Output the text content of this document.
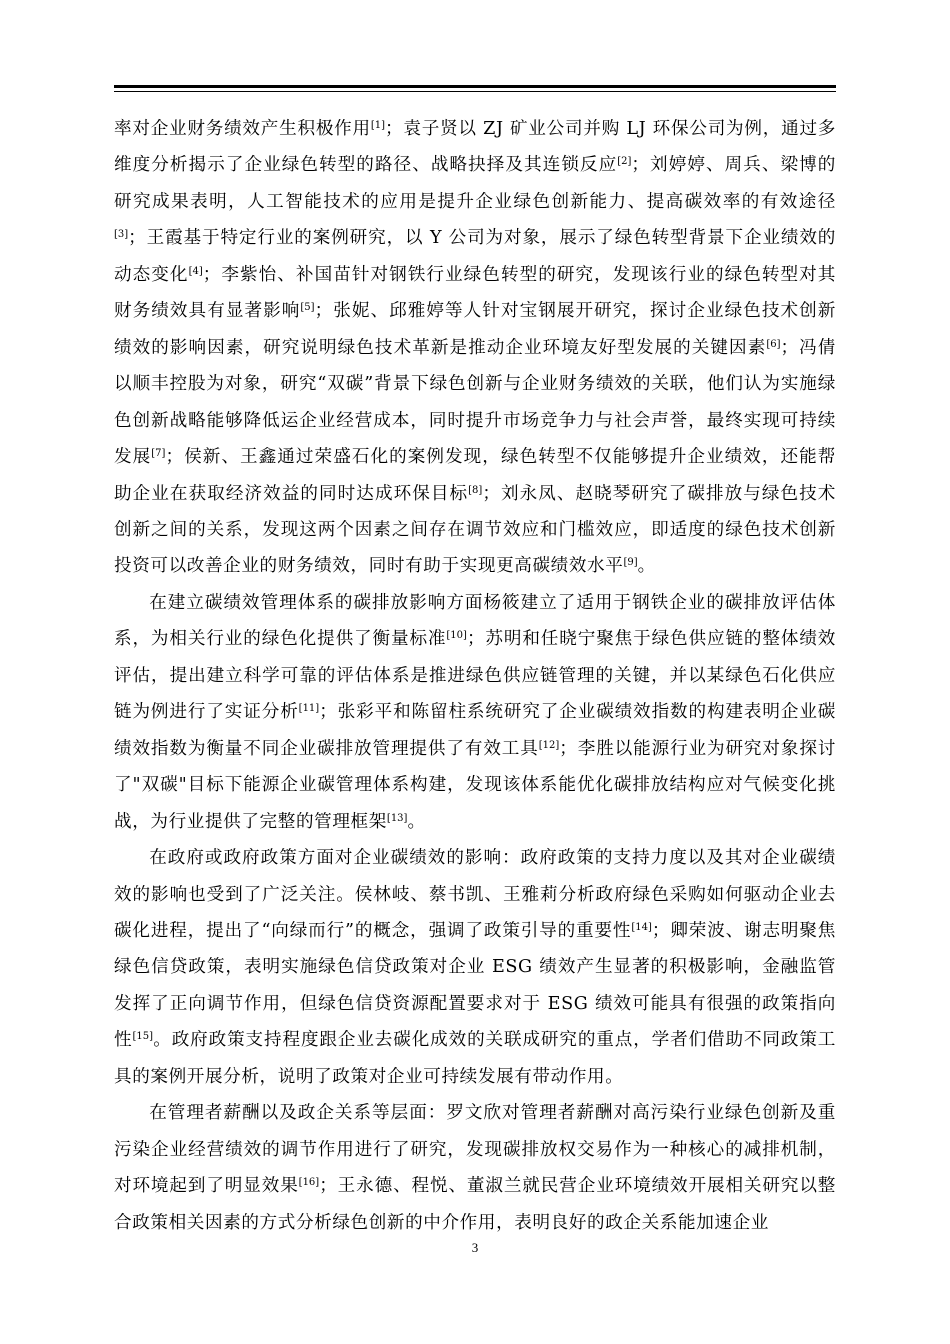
率对企业财务绩效产生积极作用[1]；袁子贤以 ZJ 矿业公司并购 LJ 环保公司为例，通过多维度分析揭示了企业绿色转型的路径、战略抉择及其连锁反应[2]；刘婷婷、周兵、梁博的研究成果表明，人工智能技术的应用是提升企业绿色创新能力、提高碳效率的有效途径[3]；王霞基于特定行业的案例研究，以 Y 公司为对象，展示了绿色转型背景下企业绩效的动态变化[4]；李紫怡、补国苗针对钢铁行业绿色转型的研究，发现该行业的绿色转型对其财务绩效具有显著影响[5]；张妮、邱雅婷等人针对宝钢展开研究，探讨企业绿色技术创新绩效的影响因素，研究说明绿色技术革新是推动企业环境友好型发展的关键因素[6]；冯倩以顺丰控股为对象，研究“双碳”背景下绿色创新与企业财务绩效的关联，他们认为实施绿色创新战略能够降低运企业经营成本，同时提升市场竞争力与社会声誉，最终实现可持续发展[7]；侯新、王鑫通过荣盛石化的案例发现，绿色转型不仅能够提升企业绩效，还能帮助企业在获取经济效益的同时达成环保目标[8]；刘永凤、赵晓琴研究了碳排放与绿色技术创新之间的关系，发现这两个因素之间存在调节效应和门槛效应，即适度的绿色技术创新投资可以改善企业的财务绩效，同时有助于实现更高碳绩效水平[9]。

在建立碳绩效管理体系的碳排放影响方面杨筱建立了适用于钢铁企业的碳排放评估体系，为相关行业的绿色化提供了衡量标准[10]；苏明和任晓宁聚焦于绿色供应链的整体绩效评估，提出建立科学可靠的评估体系是推进绿色供应链管理的关键，并以某绿色石化供应链为例进行了实证分析[11]；张彩平和陈留柱系统研究了企业碳绩效指数的构建表明企业碳绩效指数为衡量不同企业碳排放管理提供了有效工具[12]；李胜以能源行业为研究对象探讨了"双碳"目标下能源企业碳管理体系构建，发现该体系能优化碳排放结构应对气候变化挑战，为行业提供了完整的管理框架[13]。

在政府或政府政策方面对企业碳绩效的影响：政府政策的支持力度以及其对企业碳绩效的影响也受到了广泛关注。侯林岐、蔡书凯、王雅莉分析政府绿色采购如何驱动企业去碳化进程，提出了“向绿而行”的概念，强调了政策引导的重要性[14]；卿荣波、谢志明聚焦绿色信贷政策，表明实施绿色信贷政策对企业 ESG 绩效产生显著的积极影响，金融监管发挥了正向调节作用，但绿色信贷资源配置要求对于 ESG 绩效可能具有很强的政策指向性[15]。政府政策支持程度跟企业去碳化成效的关联成研究的重点，学者们借助不同政策工具的案例开展分析，说明了政策对企业可持续发展有带动作用。

在管理者薪酬以及政企关系等层面：罗文欣对管理者薪酬对高污染行业绿色创新及重污染企业经营绩效的调节作用进行了研究，发现碳排放权交易作为一种核心的减排机制，对环境起到了明显效果[16]；王永德、程悦、董淑兰就民营企业环境绩效开展相关研究以整合政策相关因素的方式分析绿色创新的中介作用，表明良好的政企关系能加速企业

3
